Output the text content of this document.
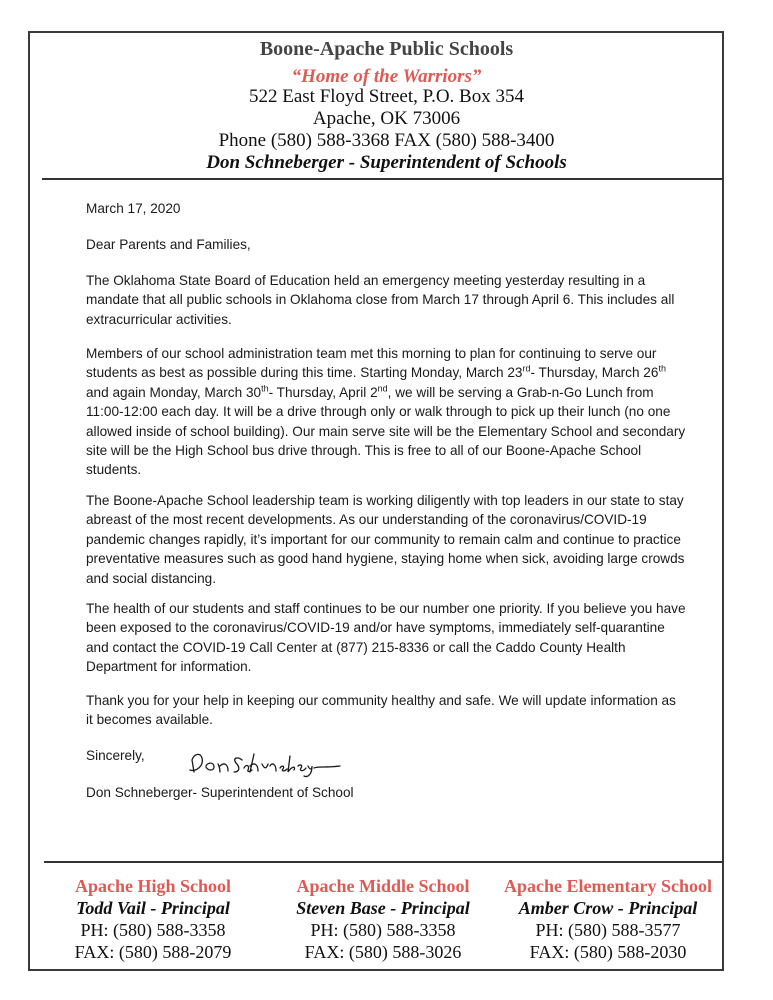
Boone-Apache Public Schools
“Home of the Warriors”
522 East Floyd Street, P.O. Box 354
Apache, OK 73006
Phone (580) 588-3368 FAX (580) 588-3400
Don Schneberger - Superintendent of Schools
March 17, 2020
Dear Parents and Families,
The Oklahoma State Board of Education held an emergency meeting yesterday resulting in a mandate that all public schools in Oklahoma close from March 17 through April 6. This includes all extracurricular activities.
Members of our school administration team met this morning to plan for continuing to serve our students as best as possible during this time. Starting Monday, March 23rd- Thursday, March 26th and again Monday, March 30th- Thursday, April 2nd, we will be serving a Grab-n-Go Lunch from 11:00-12:00 each day. It will be a drive through only or walk through to pick up their lunch (no one allowed inside of school building). Our main serve site will be the Elementary School and secondary site will be the High School bus drive through. This is free to all of our Boone-Apache School students.
The Boone-Apache School leadership team is working diligently with top leaders in our state to stay abreast of the most recent developments. As our understanding of the coronavirus/COVID-19 pandemic changes rapidly, it’s important for our community to remain calm and continue to practice preventative measures such as good hand hygiene, staying home when sick, avoiding large crowds and social distancing.
The health of our students and staff continues to be our number one priority. If you believe you have been exposed to the coronavirus/COVID-19 and/or have symptoms, immediately self-quarantine and contact the COVID-19 Call Center at (877) 215-8336 or call the Caddo County Health Department for information.
Thank you for your help in keeping our community healthy and safe. We will update information as it becomes available.
Sincerely,
Don Schneberger- Superintendent of School
Apache High School
Todd Vail - Principal
PH: (580) 588-3358
FAX: (580) 588-2079
Apache Middle School
Steven Base - Principal
PH: (580) 588-3358
FAX: (580) 588-3026
Apache Elementary School
Amber Crow - Principal
PH: (580) 588-3577
FAX: (580) 588-2030
